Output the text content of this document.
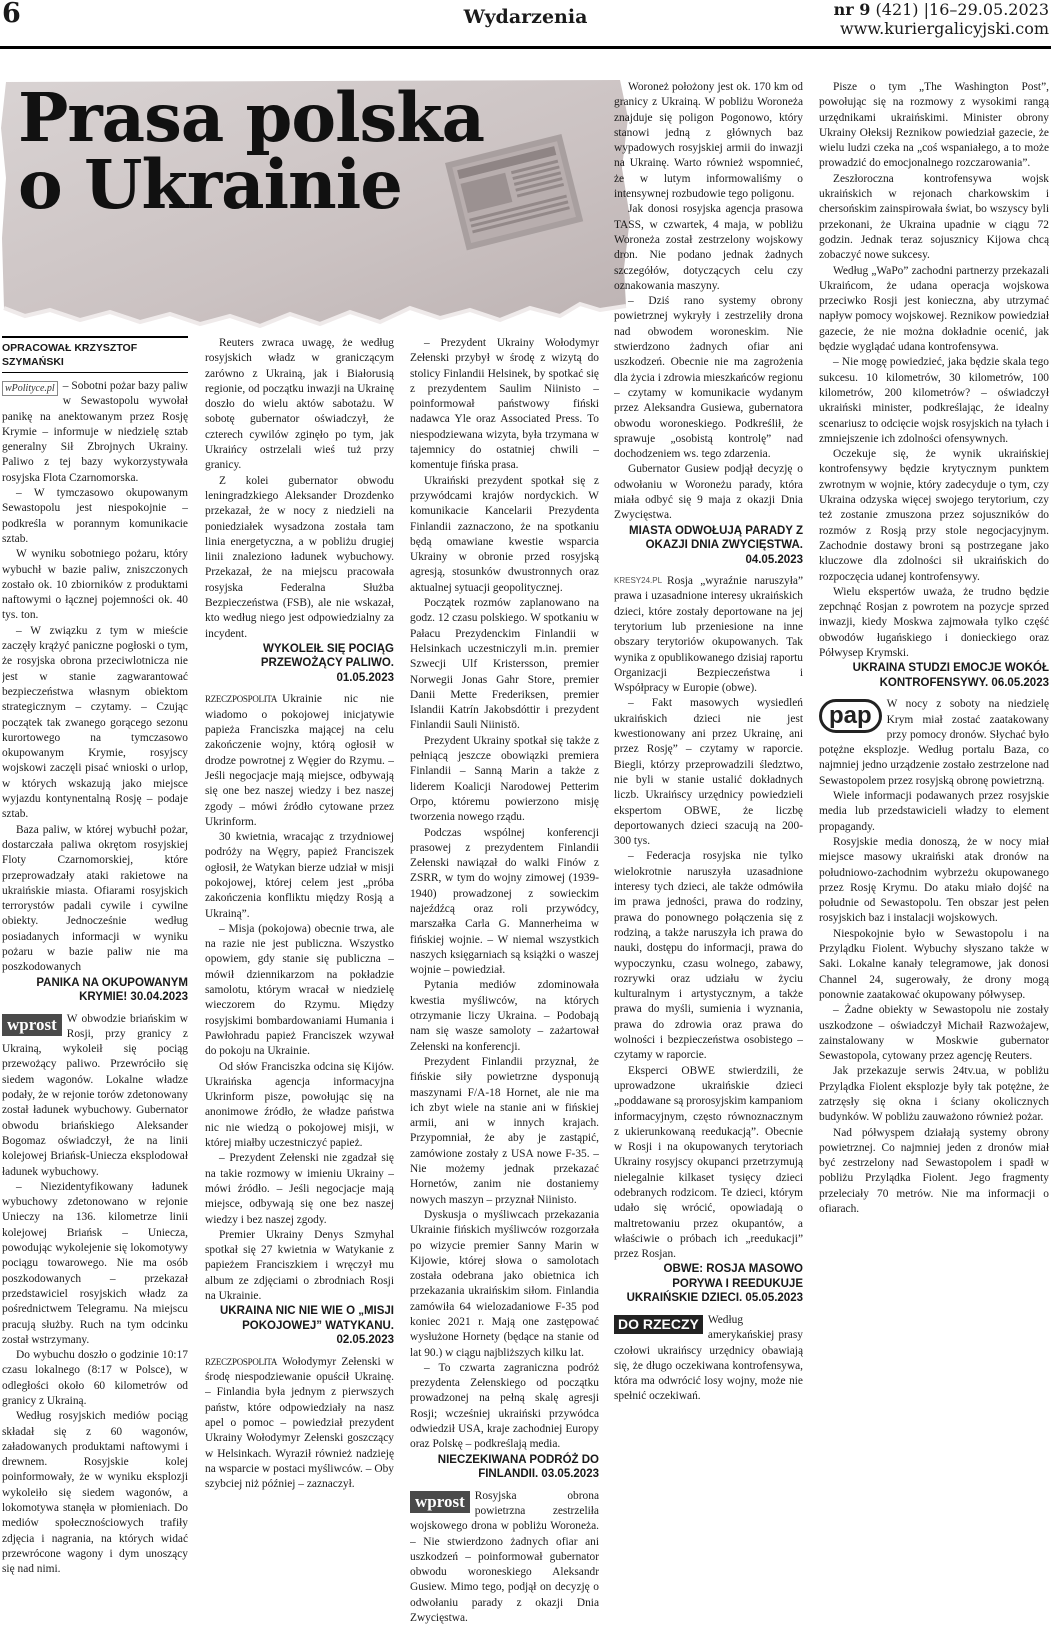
6	Wydarzenia	nr 9 (421) |16–29.05.2023
www.kuriergalicyjski.com
Prasa polska
o Ukrainie
OPRACOWAŁ KRZYSZTOF SZYMAŃSKI

wPolityce.pl – Sobotni pożar bazy paliw w Sewastopolu wywołał panikę na anektowanym przez Rosję Krymie – informuje w niedzielę sztab generalny Sił Zbrojnych Ukrainy. Paliwo z tej bazy wykorzystywała rosyjska Flota Czarnomorska.

– W tymczasowo okupowanym Sewastopolu jest niespokojnie – podkreśla w porannym komunikacie sztab.

W wyniku sobotniego pożaru, który wybuchł w bazie paliw, zniszczonych zostało ok. 10 zbiorników z produktami naftowymi o łącznej pojemności ok. 40 tys. ton.

– W związku z tym w mieście zaczęły krążyć paniczne pogłoski o tym, że rosyjska obrona przeciwlotnicza nie jest w stanie zagwarantować bezpieczeństwa własnym obiektom strategicznym – czytamy. – Czując początek tak zwanego gorącego sezonu kurortowego na tymczasowo okupowanym Krymie, rosyjscy wojskowi zaczęli pisać wnioski o urlop, w których wskazują jako miejsce wyjazdu kontynentalną Rosję – podaje sztab.

Baza paliw, w której wybuchł pożar, dostarczała paliwa okrętom rosyjskiej Floty Czarnomorskiej, które przeprowadzały ataki rakietowe na ukraińskie miasta. Ofiarami rosyjskich terrorystów padali cywile i cywilne obiekty. Jednocześnie według posiadanych informacji w wyniku pożaru w bazie paliw nie ma poszkodowanych

PANIKA NA OKUPOWANYM KRYMIE! 30.04.2023

wprost W obwodzie briańskim w Rosji, przy granicy z Ukrainą, wykoleił się pociąg przewożący paliwo. Przewróciło się siedem wagonów. Lokalne władze podały, że w rejonie torów zdetonowany został ładunek wybuchowy. Gubernator obwodu briańskiego Aleksander Bogomaz oświadczył, że na linii kolejowej Briańsk-Uniecza eksplodował ładunek wybuchowy.

– Niezidentyfikowany ładunek wybuchowy zdetonowano w rejonie Unieczy na 136. kilometrze linii kolejowej Briańsk – Uniecza, powodując wykolejenie się lokomotywy pociągu towarowego. Nie ma osób poszkodowanych – przekazał przedstawiciel rosyjskich władz za pośrednictwem Telegramu. Na miejscu pracują służby. Ruch na tym odcinku został wstrzymany.

Do wybuchu doszło o godzinie 10:17 czasu lokalnego (8:17 w Polsce), w odległości około 60 kilometrów od granicy z Ukrainą.

Według rosyjskich mediów pociąg składał się z 60 wagonów, załadowanych produktami naftowymi i drewnem. Rosyjskie kolej poinformowały, że w wyniku eksplozji wykoleiło się siedem wagonów, a lokomotywa stanęła w płomieniach. Do mediów społecznościowych trafiły zdjęcia i nagrania, na których widać przewrócone wagony i dym unoszący się nad nimi.

Reuters zwraca uwagę, że według rosyjskich władz w graniczącym zarówno z Ukrainą, jak i Białorusią regionie, od początku inwazji na Ukrainę doszło do wielu aktów sabotażu. W sobotę gubernator oświadczył, że czterech cywilów zginęło po tym, jak Ukraińcy ostrzelali wieś tuż przy granicy.

Z kolei gubernator obwodu leningradzkiego Aleksander Drozdenko przekazał, że w nocy z niedzieli na poniedziałek wysadzona została tam linia energetyczna, a w pobliżu drugiej linii znaleziono ładunek wybuchowy. Przekazał, że na miejscu pracowała rosyjska Federalna Służba Bezpieczeństwa (FSB), ale nie wskazał, kto według niego jest odpowiedzialny za incydent.

WYKOLEIŁ SIĘ POCIĄG PRZEWOŻĄCY PALIWO. 01.05.2023

RZECZPOSPOLITA Ukrainie nic nie wiadomo o pokojowej inicjatywie papieża Franciszka mającej na celu zakończenie wojny, którą ogłosił w drodze powrotnej z Węgier do Rzymu. – Jeśli negocjacje mają miejsce, odbywają się one bez naszej wiedzy i bez naszej zgody – mówi źródło cytowane przez Ukrinform.

30 kwietnia, wracając z trzydniowej podróży na Węgry, papież Franciszek ogłosił, że Watykan bierze udział w misji pokojowej, której celem jest „próba zakończenia konfliktu między Rosją a Ukrainą”.

– Misja (pokojowa) obecnie trwa, ale na razie nie jest publiczna. Wszystko opowiem, gdy stanie się publiczna – mówił dziennikarzom na pokładzie samolotu, którym wracał w niedzielę wieczorem do Rzymu. Między rosyjskimi bombardowaniami Humania i Pawłohradu papież Franciszek wzywał do pokoju na Ukrainie.

Od słów Franciszka odcina się Kijów. Ukraińska agencja informacyjna Ukrinform pisze, powołując się na anonimowe źródło, że władze państwa nic nie wiedzą o pokojowej misji, w której miałby uczestniczyć papież.

– Prezydent Zełenski nie zgadzał się na takie rozmowy w imieniu Ukrainy – mówi źródło. – Jeśli negocjacje mają miejsce, odbywają się one bez naszej wiedzy i bez naszej zgody.

Premier Ukrainy Denys Szmyhal spotkał się 27 kwietnia w Watykanie z papieżem Franciszkiem i wręczył mu album ze zdjęciami o zbrodniach Rosji na Ukrainie.

UKRAINA NIC NIE WIE O „MISJI POKOJOWEJ” WATYKANU. 02.05.2023

RZECZPOSPOLITA Wołodymyr Zełenski w środę niespodziewanie opuścił Ukrainę. – Finlandia była jednym z pierwszych państw, które odpowiedziały na nasz apel o pomoc – powiedział prezydent Ukrainy Wołodymyr Zełenski goszczący w Helsinkach. Wyraził również nadzieję na wsparcie w postaci myśliwców. – Oby szybciej niż później – zaznaczył.

– Prezydent Ukrainy Wołodymyr Zełenski przybył w środę z wizytą do stolicy Finlandii Helsinek, by spotkać się z prezydentem Saulim Niinisto – poinformował państwowy fiński nadawca Yle oraz Associated Press. To niespodziewana wizyta, była trzymana w tajemnicy do ostatniej chwili – komentuje fińska prasa.

Ukraiński prezydent spotkał się z przywódcami krajów nordyckich. W komunikacie Kancelarii Prezydenta Finlandii zaznaczono, że na spotkaniu będą omawiane kwestie wsparcia Ukrainy w obronie przed rosyjską agresją, stosunków dwustronnych oraz aktualnej sytuacji geopolitycznej.

Początek rozmów zaplanowano na godz. 12 czasu polskiego. W spotkaniu w Pałacu Prezydenckim Finlandii w Helsinkach uczestniczyli m.in. premier Szwecji Ulf Kristersson, premier Norwegii Jonas Gahr Store, premier Danii Mette Frederiksen, premier Islandii Katrín Jakobsdóttir i prezydent Finlandii Sauli Niinistö.

Prezydent Ukrainy spotkał się także z pełniącą jeszcze obowiązki premiera Finlandii – Sanną Marin a także z liderem Koalicji Narodowej Petterim Orpo, któremu powierzono misję tworzenia nowego rządu.

Podczas wspólnej konferencji prasowej z prezydentem Finlandii Zełenski nawiązał do walki Finów z ZSRR, w tym do wojny zimowej (1939-1940) prowadzonej z sowieckim najeźdźcą oraz roli przywódcy, marszałka Carla G. Mannerheima w fińskiej wojnie. – W niemal wszystkich naszych księgarniach są książki o waszej wojnie – powiedział.

Pytania mediów zdominowała kwestia myśliwców, na których otrzymanie liczy Ukraina. – Podobają nam się wasze samoloty – zażartował Zełenski na konferencji.

Prezydent Finlandii przyznał, że fińskie siły powietrzne dysponują maszynami F/A-18 Hornet, ale nie ma ich zbyt wiele na stanie ani w fińskiej armii, ani w innych krajach. Przypomniał, że aby je zastąpić, zamówione zostały z USA nowe F-35. – Nie możemy jednak przekazać Hornetów, zanim nie dostaniemy nowych maszyn – przyznał Niinisto.

Dyskusja o myśliwcach przekazania Ukrainie fińskich myśliwców rozgorzała po wizycie premier Sanny Marin w Kijowie, której słowa o samolotach została odebrana jako obietnica ich przekazania ukraińskim siłom. Finlandia zamówiła 64 wielozadaniowe F-35 pod koniec 2021 r. Mają one zastępować wysłużone Hornety (będące na stanie od lat 90.) w ciągu najbliższych kilku lat.

– To czwarta zagraniczna podróż prezydenta Zełenskiego od początku prowadzonej na pełną skalę agresji Rosji; wcześniej ukraiński przywódca odwiedził USA, kraje zachodniej Europy oraz Polskę – podkreślają media.

NIECZEKIWANA PODRÓŻ DO FINLANDII. 03.05.2023

wprost Rosyjska obrona powietrzna zestrzeliła wojskowego drona w pobliżu Woroneża. – Nie stwierdzono żadnych ofiar ani uszkodzeń – poinformował gubernator obwodu woroneskiego Aleksandr Gusiew. Mimo tego, podjął on decyzję o odwołaniu parady z okazji Dnia Zwycięstwa.

Woroneż położony jest ok. 170 km od granicy z Ukrainą. W pobliżu Woroneża znajduje się poligon Pogonowo, który stanowi jedną z głównych baz wypadowych rosyjskiej armii do inwazji na Ukrainę. Warto również wspomnieć, że w lutym informowaliśmy o intensywnej rozbudowie tego poligonu.

Jak donosi rosyjska agencja prasowa TASS, w czwartek, 4 maja, w pobliżu Woroneża został zestrzelony wojskowy dron. Nie podano jednak żadnych szczegółów, dotyczących celu czy oznakowania maszyny.

– Dziś rano systemy obrony powietrznej wykryły i zestrzeliły drona nad obwodem woroneskim. Nie stwierdzono żadnych ofiar ani uszkodzeń. Obecnie nie ma zagrożenia dla życia i zdrowia mieszkańców regionu – czytamy w komunikacie wydanym przez Aleksandra Gusiewa, gubernatora obwodu woroneskiego. Podkreślił, że sprawuje „osobistą kontrolę” nad dochodzeniem ws. tego zdarzenia.

Gubernator Gusiew podjął decyzję o odwołaniu w Woroneżu parady, która miała odbyć się 9 maja z okazji Dnia Zwycięstwa.

MIASTA ODWOŁUJĄ PARADY Z OKAZJI DNIA ZWYCIĘSTWA. 04.05.2023

KRESY24.PL Rosja „wyraźnie naruszyła” prawa i uzasadnione interesy ukraińskich dzieci, które zostały deportowane na jej terytorium lub przeniesione na inne obszary terytoriów okupowanych. Tak wynika z opublikowanego dzisiaj raportu Organizacji Bezpieczeństwa i Współpracy w Europie (obwe).

– Fakt masowych wysiedleń ukraińskich dzieci nie jest kwestionowany ani przez Ukrainę, ani przez Rosję” – czytamy w raporcie. Biegli, którzy przeprowadzili śledztwo, nie byli w stanie ustalić dokładnych liczb. Ukraińscy urzędnicy powiedzieli ekspertom OBWE, że liczbę deportowanych dzieci szacują na 200-300 tys.

– Federacja rosyjska nie tylko wielokrotnie naruszyła uzasadnione interesy tych dzieci, ale także odmówiła im prawa jedności, prawa do rodziny, prawa do ponownego połączenia się z rodziną, a także naruszyła ich prawa do nauki, dostępu do informacji, prawa do wypoczynku, czasu wolnego, zabawy, rozrywki oraz udziału w życiu kulturalnym i artystycznym, a także prawa do myśli, sumienia i wyznania, prawa do zdrowia oraz prawa do wolności i bezpieczeństwa osobistego – czytamy w raporcie.

Eksperci OBWE stwierdzili, że uprowadzone ukraińskie dzieci „poddawane są prorosyjskim kampaniom informacyjnym, często równoznacznym z ukierunkowaną reedukacją”. Obecnie w Rosji i na okupowanych terytoriach Ukrainy rosyjscy okupanci przetrzymują nielegalnie kilkaset tysięcy dzieci odebranych rodzicom. Te dzieci, którym udało się wrócić, opowiadają o maltretowaniu przez okupantów, a właściwie o próbach ich „reedukacji” przez Rosjan.

OBWE: ROSJA MASOWO PORYWA I REEDUKUJE UKRAIŃSKIE DZIECI. 05.05.2023

DO RZECZY Według amerykańskiej prasy czołowi ukraińscy urzędnicy obawiają się, że długo oczekiwana kontrofensywa, która ma odwrócić losy wojny, może nie spełnić oczekiwań.

Pisze o tym „The Washington Post”, powołując się na rozmowy z wysokimi rangą urzędnikami ukraińskimi. Minister obrony Ukrainy Ołeksij Reznikow powiedział gazecie, że wielu ludzi czeka na „coś wspaniałego, a to może prowadzić do emocjonalnego rozczarowania”.

Zeszłoroczna kontrofensywa wojsk ukraińskich w rejonach charkowskim i chersońskim zainspirowała świat, bo wszyscy byli przekonani, że Ukraina upadnie w ciągu 72 godzin. Jednak teraz sojusznicy Kijowa chcą zobaczyć nowe sukcesy.

Według „WaPo” zachodni partnerzy przekazali Ukraińcom, że udana operacja wojskowa przeciwko Rosji jest konieczna, aby utrzymać napływ pomocy wojskowej. Reznikow powiedział gazecie, że nie można dokładnie ocenić, jak będzie wyglądać udana kontrofensywa.

– Nie mogę powiedzieć, jaka będzie skala tego sukcesu. 10 kilometrów, 30 kilometrów, 100 kilometrów, 200 kilometrów? – oświadczył ukraiński minister, podkreślając, że idealny scenariusz to odcięcie wojsk rosyjskich na tyłach i zmniejszenie ich zdolności ofensywnych.

Oczekuje się, że wynik ukraińskiej kontrofensywy będzie krytycznym punktem zwrotnym w wojnie, który zadecyduje o tym, czy Ukraina odzyska więcej swojego terytorium, czy też zostanie zmuszona przez sojuszników do rozmów z Rosją przy stole negocjacyjnym. Zachodnie dostawy broni są postrzegane jako kluczowe dla zdolności sił ukraińskich do rozpoczęcia udanej kontrofensywy.

Wielu ekspertów uważa, że trudno będzie zepchnąć Rosjan z powrotem na pozycje sprzed inwazji, kiedy Moskwa zajmowała tylko część obwodów ługańskiego i donieckiego oraz Półwysep Krymski.

UKRAINA STUDZI EMOCJE WOKÓŁ KONTROFENSYWY. 06.05.2023

pap	W nocy z soboty na niedzielę Krym miał zostać zaatakowany przy pomocy dronów. Słychać było potężne eksplozje. Według portalu Baza, co najmniej jedno urządzenie zostało zestrzelone nad Sewastopolem przez rosyjską obronę powietrzną.

Wiele informacji podawanych przez rosyjskie media lub przedstawicieli władzy to element propagandy.

Rosyjskie media donoszą, że w nocy miał miejsce masowy ukraiński atak dronów na południowo-zachodnim wybrzeżu okupowanego przez Rosję Krymu. Do ataku miało dojść na południe od Sewastopolu. Ten obszar jest pełen rosyjskich baz i instalacji wojskowych.

Niespokojnie było w Sewastopolu i na Przylądku Fiolent. Wybuchy słyszano także w Saki. Lokalne kanały telegramowe, jak donosi Channel 24, sugerowały, że drony mogą ponownie zaatakować okupowany półwysep.

– Żadne obiekty w Sewastopolu nie zostały uszkodzone – oświadczył Michaił Razwożajew, zainstalowany w Moskwie gubernator Sewastopola, cytowany przez agencję Reuters.

Jak przekazuje serwis 24tv.ua, w pobliżu Przylądka Fiolent eksplozje były tak potężne, że zatrzęsły się okna i ściany okolicznych budynków. W pobliżu zauważono również pożar.

Nad półwyspem działają systemy obrony powietrznej. Co najmniej jeden z dronów miał być zestrzelony nad Sewastopolem i spadł w pobliżu Przylądka Fiolent. Jego fragmenty przeleciały 70 metrów. Nie ma informacji o ofiarach.
